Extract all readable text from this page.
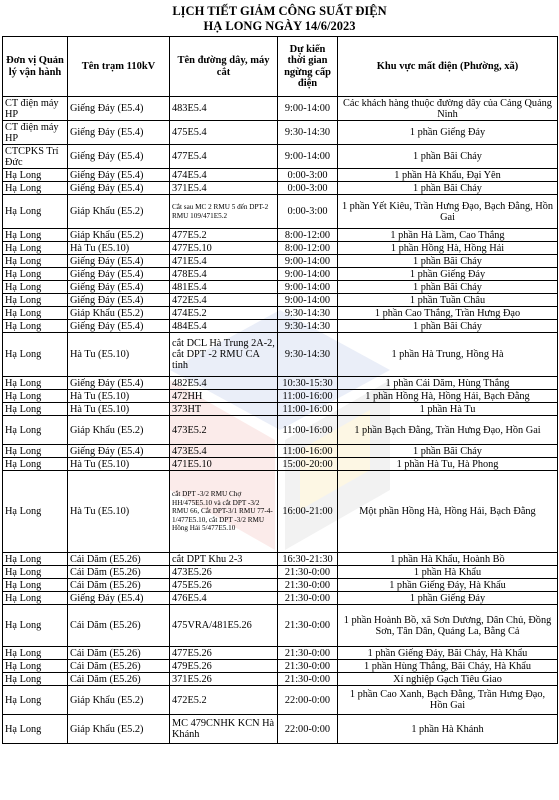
LỊCH TIẾT GIẢM CÔNG SUẤT ĐIỆN
HẠ LONG NGÀY 14/6/2023
Đơn vị Quản lý vận hành	Tên trạm 110kV	Tên đường dây, máy cắt	Dự kiến thời gian ngừng cấp điện	Khu vực mất điện (Phường, xã)
CT điện máy HP	Giếng Đáy (E5.4)	483E5.4	9:00-14:00	Các khách hàng thuộc đường dây của Cảng Quảng Ninh
CT điện máy HP	Giếng Đáy (E5.4)	475E5.4	9:30-14:30	1 phần Giếng Đáy
CTCPKS Trí Đức	Giếng Đáy (E5.4)	477E5.4	9:00-14:00	1 phần Bãi Cháy
Hạ Long	Giếng Đáy (E5.4)	474E5.4	0:00-3:00	1 phần Hà Khẩu, Đại Yên
Hạ Long	Giếng Đáy (E5.4)	371E5.4	0:00-3:00	1 phần Bãi Cháy
Hạ Long	Giáp Khẩu (E5.2)	Cắt sau MC 2 RMU 5 đến DPT-2 RMU 109/471E5.2	0:00-3:00	1 phần Yết Kiêu, Trần Hưng Đạo, Bạch Đằng, Hồn Gai
Hạ Long	Giáp Khẩu (E5.2)	477E5.2	8:00-12:00	1 phần Hà Lầm, Cao Thắng
Hạ Long	Hà Tu (E5.10)	477E5.10	8:00-12:00	1 phần Hồng Hà, Hồng Hải
Hạ Long	Giếng Đáy (E5.4)	471E5.4	9:00-14:00	1 phần Bãi Cháy
Hạ Long	Giếng Đáy (E5.4)	478E5.4	9:00-14:00	1 phần Giếng Đáy
Hạ Long	Giếng Đáy (E5.4)	481E5.4	9:00-14:00	1 phần Bãi Cháy
Hạ Long	Giếng Đáy (E5.4)	472E5.4	9:00-14:00	1 phần Tuần Châu
Hạ Long	Giáp Khẩu (E5.2)	474E5.2	9:30-14:30	1 phần Cao Thắng, Trần Hưng Đạo
Hạ Long	Giếng Đáy (E5.4)	484E5.4	9:30-14:30	1 phần Bãi Cháy
Hạ Long	Hà Tu (E5.10)	cắt DCL Hà Trung 2A-2, cắt DPT -2 RMU CA tỉnh	9:30-14:30	1 phần Hà Trung, Hồng Hà
Hạ Long	Giếng Đáy (E5.4)	482E5.4	10:30-15:30	1 phần Cái Dăm, Hùng Thắng
Hạ Long	Hà Tu (E5.10)	472HH	11:00-16:00	1 phần Hồng Hà, Hồng Hải, Bạch Đằng
Hạ Long	Hà Tu (E5.10)	373HT	11:00-16:00	1 phần Hà Tu
Hạ Long	Giáp Khẩu (E5.2)	473E5.2	11:00-16:00	1 phần Bạch Đằng, Trần Hưng Đạo, Hồn Gai
Hạ Long	Giếng Đáy (E5.4)	473E5.4	11:00-16:00	1 phần Bãi Cháy
Hạ Long	Hà Tu (E5.10)	471E5.10	15:00-20:00	1 phần Hà Tu, Hà Phong
Hạ Long	Hà Tu (E5.10)	cắt DPT -3/2 RMU Chợ HH/475E5.10 và cắt DPT -3/2 RMU 66, Cắt DPT-3/1 RMU 77-4-1/477E5.10, cắt DPT -3/2 RMU Hồng Hải 5/477E5.10	16:00-21:00	Một phần Hồng Hà, Hồng Hải, Bạch Đằng
Hạ Long	Cái Dăm (E5.26)	cắt DPT Khu 2-3	16:30-21:30	1 phần Hà Khẩu, Hoành Bồ
Hạ Long	Cái Dăm (E5.26)	473E5.26	21:30-0:00	1 phần Hà Khẩu
Hạ Long	Cái Dăm (E5.26)	475E5.26	21:30-0:00	1 phần Giếng Đáy, Hà Khẩu
Hạ Long	Giếng Đáy (E5.4)	476E5.4	21:30-0:00	1 phần Giếng Đáy
Hạ Long	Cái Dăm (E5.26)	475VRA/481E5.26	21:30-0:00	1 phần Hoành Bồ, xã Sơn Dương, Dân Chủ, Đồng Sơn, Tân Dân, Quảng La, Bằng Cả
Hạ Long	Cái Dăm (E5.26)	477E5.26	21:30-0:00	1 phần Giếng Đáy, Bãi Cháy, Hà Khẩu
Hạ Long	Cái Dăm (E5.26)	479E5.26	21:30-0:00	1 phần Hùng Thắng, Bãi Cháy, Hà Khẩu
Hạ Long	Cái Dăm (E5.26)	371E5.26	21:30-0:00	Xí nghiệp Gạch Tiêu Giao
Hạ Long	Giáp Khẩu (E5.2)	472E5.2	22:00-0:00	1 phần Cao Xanh, Bạch Đằng, Trần Hưng Đạo, Hồn Gai
Hạ Long	Giáp Khẩu (E5.2)	MC 479CNHK KCN Hà Khánh	22:00-0:00	1 phần Hà Khánh
